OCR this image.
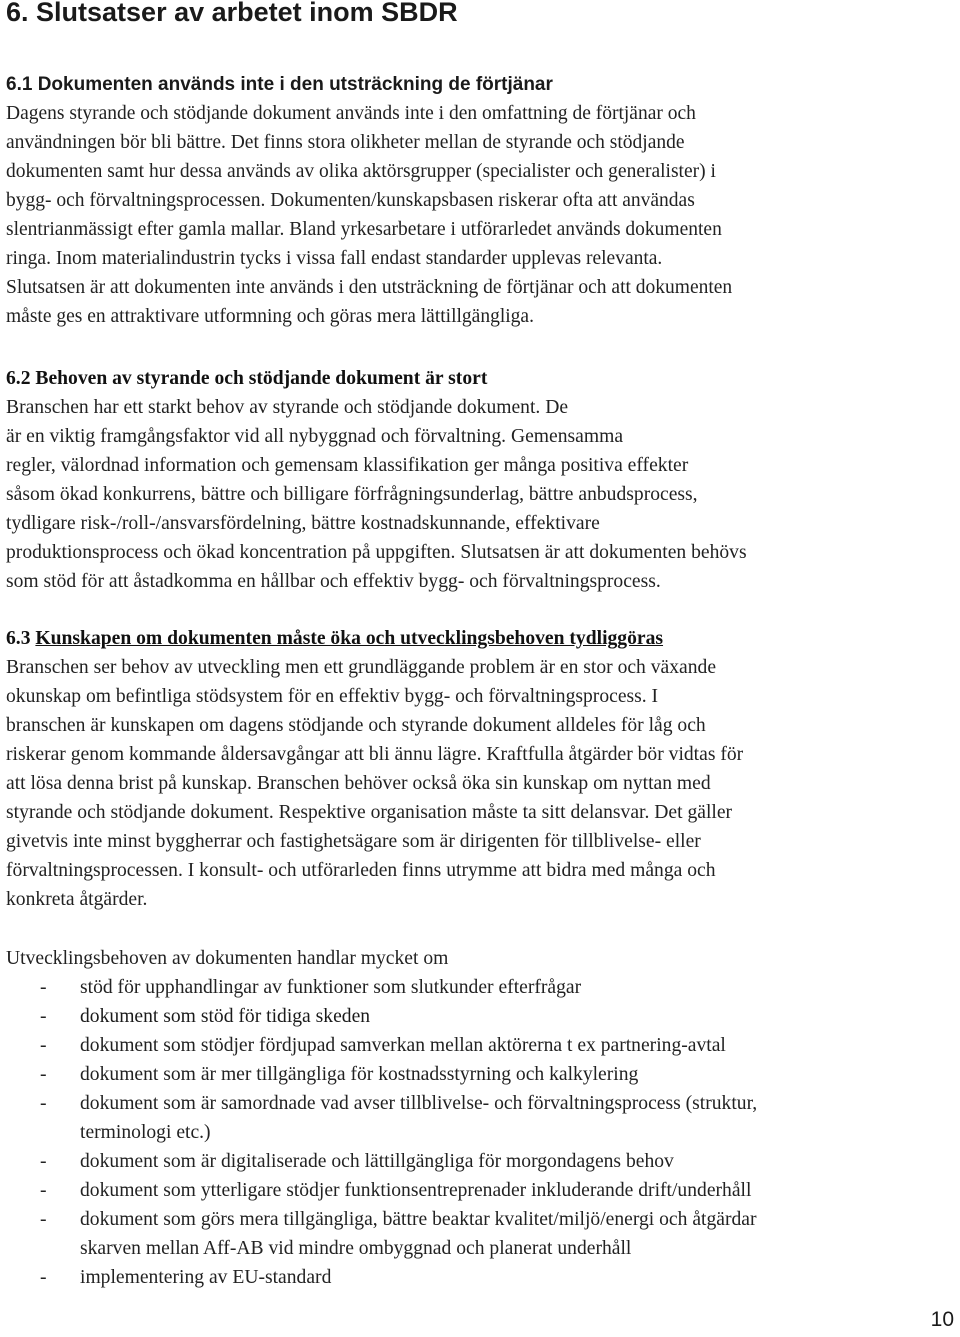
6. Slutsatser av arbetet inom SBDR
6.1 Dokumenten används inte i den utsträckning de förtjänar
Dagens styrande och stödjande dokument används inte i den omfattning de förtjänar och
användningen bör bli bättre. Det finns stora olikheter mellan de styrande och stödjande
dokumenten samt hur dessa används av olika aktörsgrupper (specialister och generalister) i
bygg- och förvaltningsprocessen. Dokumenten/kunskapsbasen riskerar ofta att användas
slentrianmässigt efter gamla mallar. Bland yrkesarbetare i utförarledet används dokumenten
ringa. Inom materialindustrin tycks i vissa fall endast standarder upplevas relevanta.
Slutsatsen är att dokumenten inte används i den utsträckning de förtjänar och att dokumenten
måste ges en attraktivare utformning och göras mera lättillgängliga.
6.2 Behoven av styrande och stödjande dokument är stort
Branschen har ett starkt behov av styrande och stödjande dokument. De
är en viktig framgångsfaktor vid all nybyggnad och förvaltning. Gemensamma
regler, välordnad information och gemensam klassifikation ger många positiva effekter
såsom ökad konkurrens, bättre och billigare förfrågningsunderlag, bättre anbudsprocess,
tydligare risk-/roll-/ansvarsfördelning, bättre kostnadskunnande, effektivare
produktionsprocess och ökad koncentration på uppgiften. Slutsatsen är att dokumenten behövs
som stöd för att åstadkomma en hållbar och effektiv bygg- och förvaltningsprocess.
6.3 Kunskapen om dokumenten måste öka och utvecklingsbehoven tydliggöras
Branschen ser behov av utveckling men ett grundläggande problem är en stor och växande
okunskap om befintliga stödsystem för en effektiv bygg- och förvaltningsprocess. I
branschen är kunskapen om dagens stödjande och styrande dokument alldeles för låg och
riskerar genom kommande åldersavgångar att bli ännu lägre. Kraftfulla åtgärder bör vidtas för
att lösa denna brist på kunskap. Branschen behöver också öka sin kunskap om nyttan med
styrande och stödjande dokument. Respektive organisation måste ta sitt delansvar. Det gäller
givetvis inte minst byggherrar och fastighetsägare som är dirigenten för tillblivelse- eller
förvaltningsprocessen. I konsult- och utförarleden finns utrymme att bidra med många och
konkreta åtgärder.
Utvecklingsbehoven av dokumenten handlar mycket om
- stöd för upphandlingar av funktioner som slutkunder efterfrågar
- dokument som stöd för tidiga skeden
- dokument som stödjer fördjupad samverkan mellan aktörerna t ex partnering-avtal
- dokument som är mer tillgängliga för kostnadsstyrning och kalkylering
- dokument som är samordnade vad avser tillblivelse- och förvaltningsprocess (struktur,
terminologi etc.)
- dokument som är digitaliserade och lättillgängliga för morgondagens behov
- dokument som ytterligare stödjer funktionsentreprenader inkluderande drift/underhåll
- dokument som görs mera tillgängliga, bättre beaktar kvalitet/miljö/energi och åtgärdar
skarven mellan Aff-AB vid mindre ombyggnad och planerat underhåll
- implementering av EU-standard
10
